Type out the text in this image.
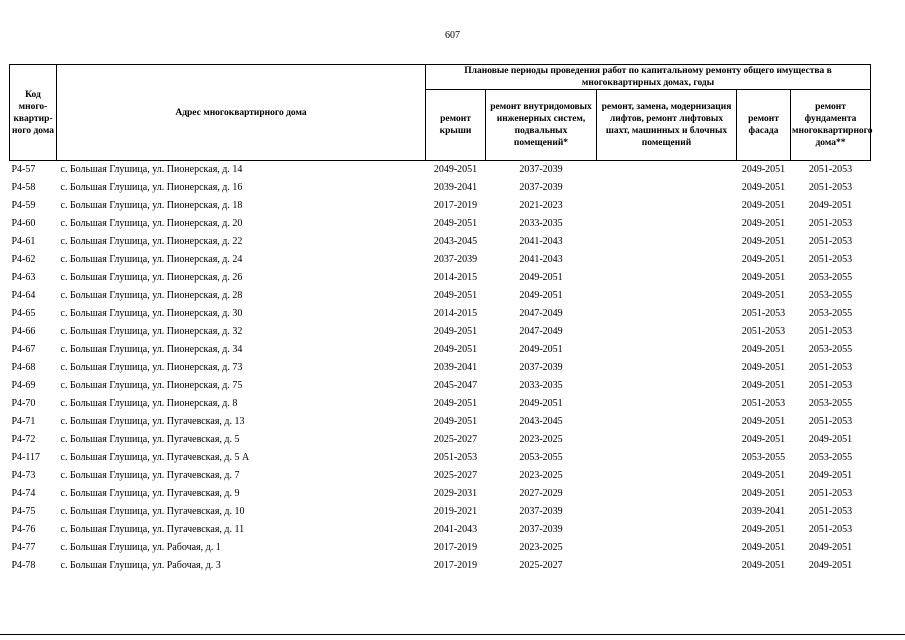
607
Код много-квартир-ного дома	Адрес многоквартирного дома	Плановые периоды проведения работ по капитальному ремонту общего имущества в многоквартирных домах, годы				
		ремонт крыши	ремонт внутридомовых инженерных систем, подвальных помещений*	ремонт, замена, модернизация лифтов, ремонт лифтовых шахт, машинных и блочных помещений	ремонт фасада	ремонт фундамента многоквартирного дома**
Р4-57	с. Большая Глушица, ул. Пионерская, д. 14	2049-2051	2037-2039		2049-2051	2051-2053
Р4-58	с. Большая Глушица, ул. Пионерская, д. 16	2039-2041	2037-2039		2049-2051	2051-2053
Р4-59	с. Большая Глушица, ул. Пионерская, д. 18	2017-2019	2021-2023		2049-2051	2049-2051
Р4-60	с. Большая Глушица, ул. Пионерская, д. 20	2049-2051	2033-2035		2049-2051	2051-2053
Р4-61	с. Большая Глушица, ул. Пионерская, д. 22	2043-2045	2041-2043		2049-2051	2051-2053
Р4-62	с. Большая Глушица, ул. Пионерская, д. 24	2037-2039	2041-2043		2049-2051	2051-2053
Р4-63	с. Большая Глушица, ул. Пионерская, д. 26	2014-2015	2049-2051		2049-2051	2053-2055
Р4-64	с. Большая Глушица, ул. Пионерская, д. 28	2049-2051	2049-2051		2049-2051	2053-2055
Р4-65	с. Большая Глушица, ул. Пионерская, д. 30	2014-2015	2047-2049		2051-2053	2053-2055
Р4-66	с. Большая Глушица, ул. Пионерская, д. 32	2049-2051	2047-2049		2051-2053	2051-2053
Р4-67	с. Большая Глушица, ул. Пионерская, д. 34	2049-2051	2049-2051		2049-2051	2053-2055
Р4-68	с. Большая Глушица, ул. Пионерская, д. 73	2039-2041	2037-2039		2049-2051	2051-2053
Р4-69	с. Большая Глушица, ул. Пионерская, д. 75	2045-2047	2033-2035		2049-2051	2051-2053
Р4-70	с. Большая Глушица, ул. Пионерская, д. 8	2049-2051	2049-2051		2051-2053	2053-2055
Р4-71	с. Большая Глушица, ул. Пугачевская, д. 13	2049-2051	2043-2045		2049-2051	2051-2053
Р4-72	с. Большая Глушица, ул. Пугачевская, д. 5	2025-2027	2023-2025		2049-2051	2049-2051
Р4-117	с. Большая Глушица, ул. Пугачевская, д. 5 А	2051-2053	2053-2055		2053-2055	2053-2055
Р4-73	с. Большая Глушица, ул. Пугачевская, д. 7	2025-2027	2023-2025		2049-2051	2049-2051
Р4-74	с. Большая Глушица, ул. Пугачевская, д. 9	2029-2031	2027-2029		2049-2051	2051-2053
Р4-75	с. Большая Глушица, ул. Пугачевская, д. 10	2019-2021	2037-2039		2039-2041	2051-2053
Р4-76	с. Большая Глушица, ул. Пугачевская, д. 11	2041-2043	2037-2039		2049-2051	2051-2053
Р4-77	с. Большая Глушица, ул. Рабочая, д. 1	2017-2019	2023-2025		2049-2051	2049-2051
Р4-78	с. Большая Глушица, ул. Рабочая, д. 3	2017-2019	2025-2027		2049-2051	2049-2051
